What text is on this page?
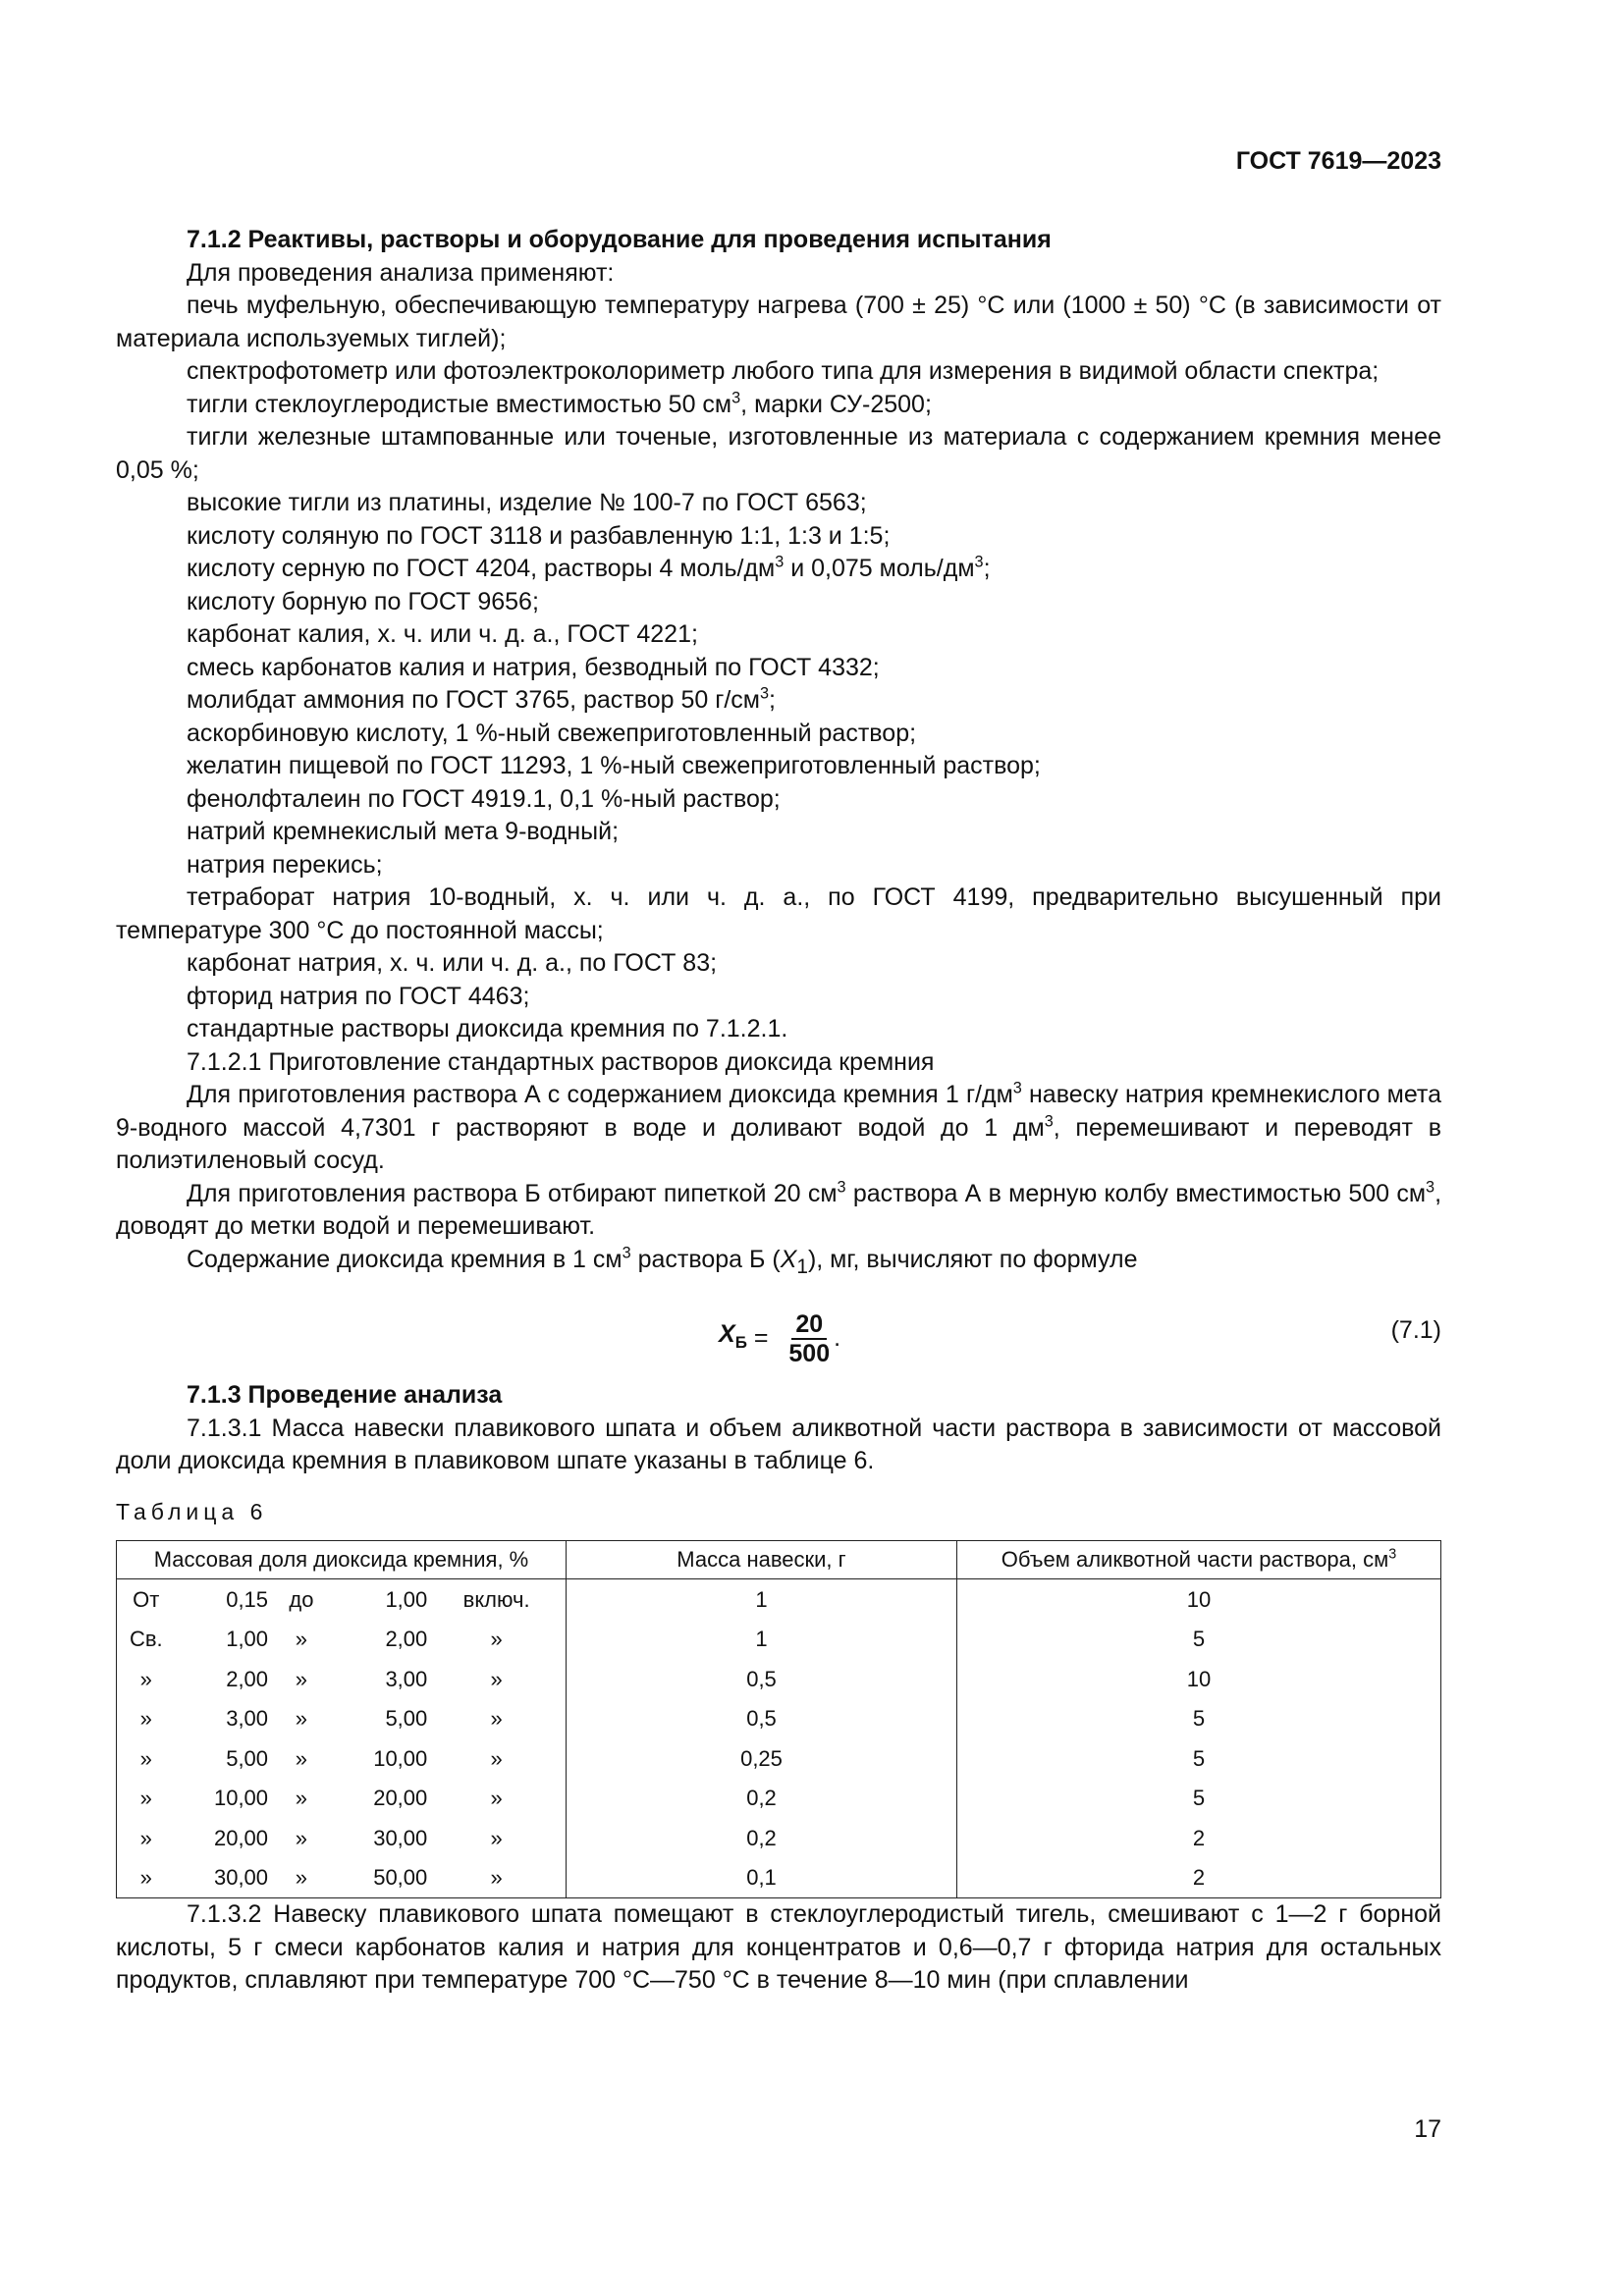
ГОСТ 7619—2023

7.1.2 Реактивы, растворы и оборудование для проведения испытания

Для проведения анализа применяют:

печь муфельную, обеспечивающую температуру нагрева (700 ± 25) °С или (1000 ± 50) °С (в зависимости от материала используемых тиглей);

спектрофотометр или фотоэлектроколориметр любого типа для измерения в видимой области спектра;

тигли стеклоуглеродистые вместимостью 50 $см^3$, марки СУ-2500;

тигли железные штампованные или точеные, изготовленные из материала с содержанием кремния менее 0,05 %;

высокие тигли из платины, изделие № 100-7 по ГОСТ 6563;

кислоту соляную по ГОСТ 3118 и разбавленную 1:1, 1:3 и 1:5;

кислоту серную по ГОСТ 4204, растворы 4 моль/$дм^3$ и 0,075 моль/$дм^3$;

кислоту борную по ГОСТ 9656;

карбонат калия, х. ч. или ч. д. а., ГОСТ 4221;

смесь карбонатов калия и натрия, безводный по ГОСТ 4332;

молибдат аммония по ГОСТ 3765, раствор 50 $г/см^3$;

аскорбиновую кислоту, 1 %-ный свежеприготовленный раствор;

желатин пищевой по ГОСТ 11293, 1 %-ный свежеприготовленный раствор;

фенолфталеин по ГОСТ 4919.1, 0,1 %-ный раствор;

натрий кремнекислый мета 9-водный;

натрия перекись;

тетраборат натрия 10-водный, х. ч. или ч. д. а., по ГОСТ 4199, предварительно высушенный при температуре 300 °С до постоянной массы;

карбонат натрия, х. ч. или ч. д. а., по ГОСТ 83;

фторид натрия по ГОСТ 4463;

стандартные растворы диоксида кремния по 7.1.2.1.

7.1.2.1 Приготовление стандартных растворов диоксида кремния

Для приготовления раствора А с содержанием диоксида кремния 1 $г/дм^3$ навеску натрия кремнекислого мета 9-водного массой 4,7301 г растворяют в воде и доливают водой до 1 $дм^3$, перемешивают и переводят в полиэтиленовый сосуд.

Для приготовления раствора Б отбирают пипеткой 20 $см^3$ раствора А в мерную колбу вместимостью 500 $см^3$, доводят до метки водой и перемешивают.

Содержание диоксида кремния в 1 $см^3$ раствора Б $(X_1)$, мг, вычисляют по формуле

$X_Б = \frac{20}{500}$ .	(7.1)

7.1.3 Проведение анализа

7.1.3.1 Масса навески плавикового шпата и объем аликвотной части раствора в зависимости от массовой доли диоксида кремния в плавиковом шпате указаны в таблице 6.

Таблица 6
Массовая доля диоксида кремния, %					Масса навески, г	Объем аликвотной части раствора, $см^3$
От	0,15	до	1,00	включ.	1	10
Св.	1,00	»	2,00	»	1	5
»	2,00	»	3,00	»	0,5	10
»	3,00	»	5,00	»	0,5	5
»	5,00	»	10,00	»	0,25	5
»	10,00	»	20,00	»	0,2	5
»	20,00	»	30,00	»	0,2	2
»	30,00	»	50,00	»	0,1	2

7.1.3.2 Навеску плавикового шпата помещают в стеклоуглеродистый тигель, смешивают с 1—2 г борной кислоты, 5 г смеси карбонатов калия и натрия для концентратов и 0,6—0,7 г фторида натрия для остальных продуктов, сплавляют при температуре 700 °С—750 °С в течение 8—10 мин (при сплавлении

17
